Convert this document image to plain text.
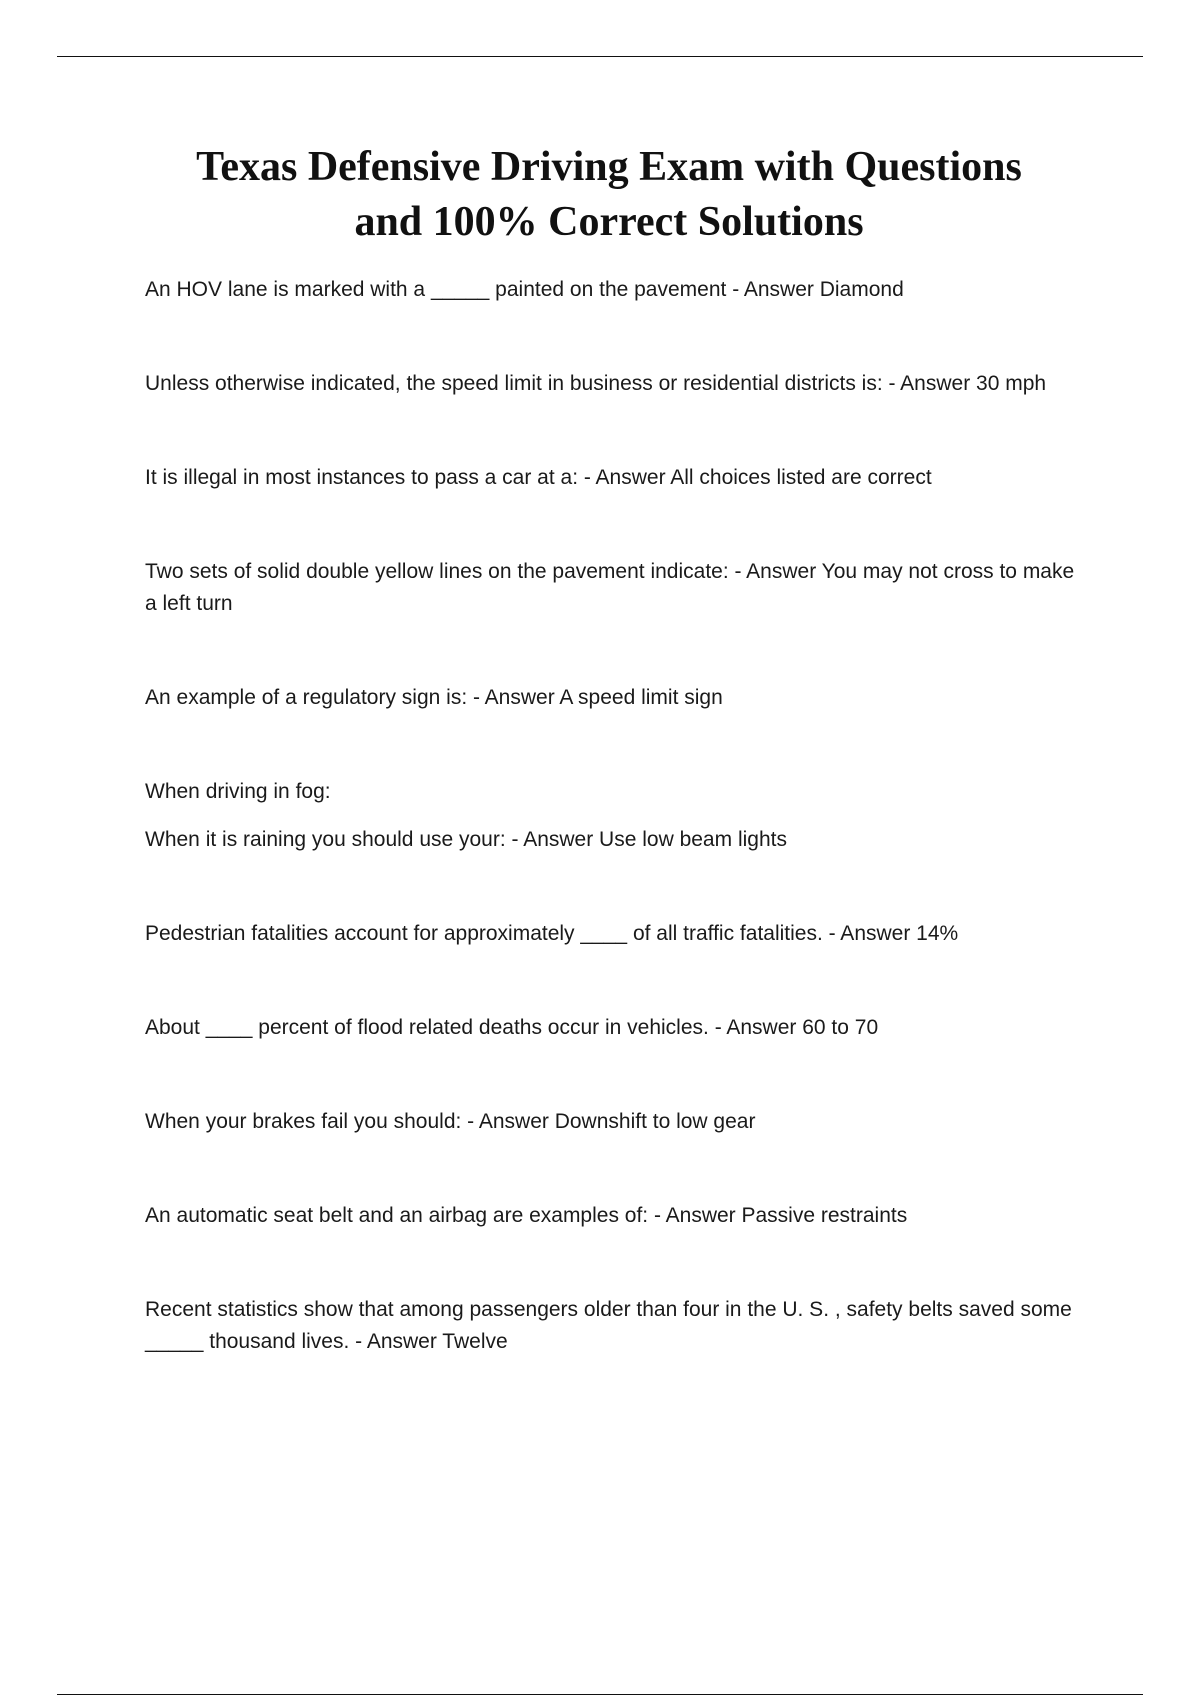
Texas Defensive Driving Exam with Questions
and 100% Correct Solutions

An HOV lane is marked with a _____ painted on the pavement - Answer Diamond

Unless otherwise indicated, the speed limit in business or residential districts is: - Answer 30 mph

It is illegal in most instances to pass a car at a: - Answer All choices listed are correct

Two sets of solid double yellow lines on the pavement indicate: - Answer You may not cross to make a left turn

An example of a regulatory sign is: - Answer A speed limit sign

When driving in fog:

When it is raining you should use your: - Answer Use low beam lights

Pedestrian fatalities account for approximately ____ of all traffic fatalities. - Answer 14%

About ____ percent of flood related deaths occur in vehicles. - Answer 60 to 70

When your brakes fail you should: - Answer Downshift to low gear

An automatic seat belt and an airbag are examples of: - Answer Passive restraints

Recent statistics show that among passengers older than four in the U. S. , safety belts saved some _____ thousand lives. - Answer Twelve
